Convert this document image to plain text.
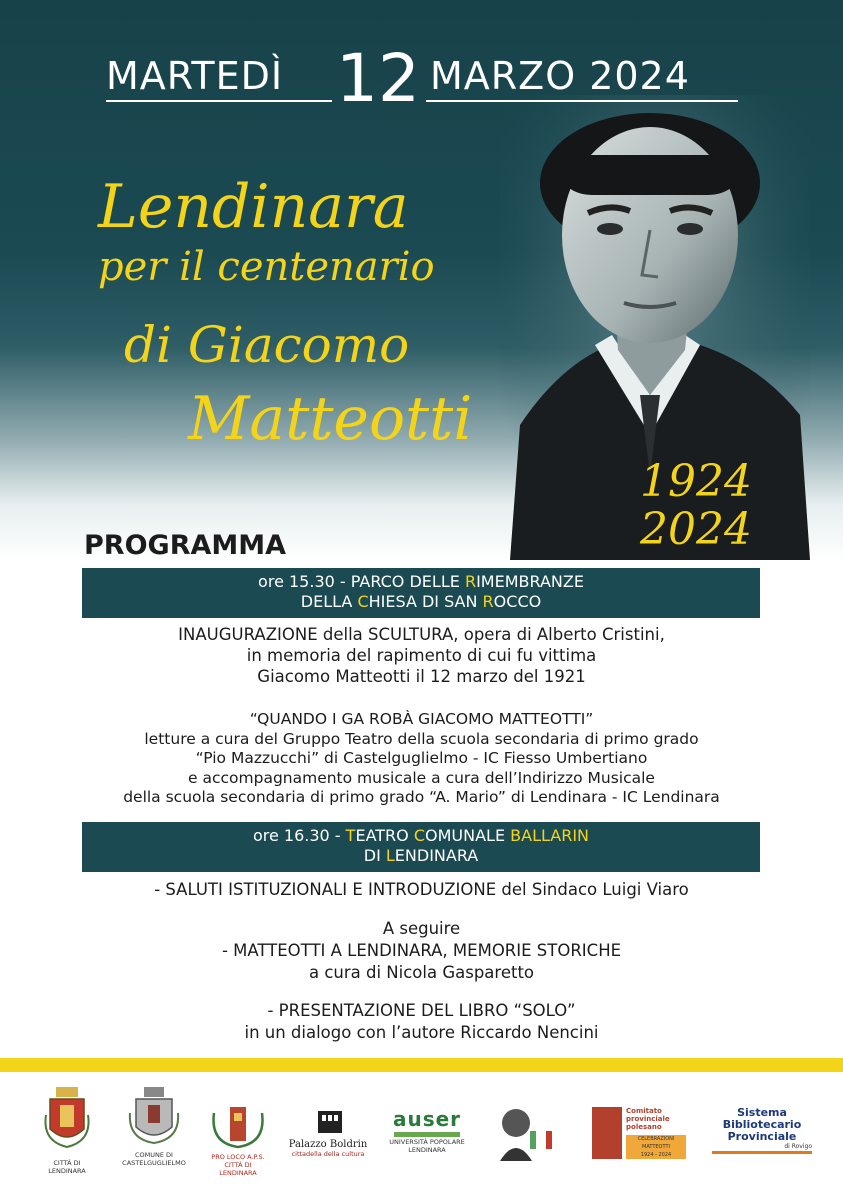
MARTEDÌ 12 MARZO 2024
Lendinara
per il centenario
di Giacomo
Matteotti
1924
2024
PROGRAMMA
ore 15.30 - PARCO DELLE RIMEMBRANZE
DELLA CHIESA DI SAN ROCCO
INAUGURAZIONE della SCULTURA, opera di Alberto Cristini,
in memoria del rapimento di cui fu vittima
Giacomo Matteotti il 12 marzo del 1921
“QUANDO I GA ROBÀ GIACOMO MATTEOTTI”
letture a cura del Gruppo Teatro della scuola secondaria di primo grado
“Pio Mazzucchi” di Castelguglielmo - IC Fiesso Umbertiano
e accompagnamento musicale a cura dell’Indirizzo Musicale
della scuola secondaria di primo grado “A. Mario” di Lendinara - IC Lendinara
ore 16.30 - TEATRO COMUNALE BALLARIN
DI LENDINARA
- SALUTI ISTITUZIONALI E INTRODUZIONE del Sindaco Luigi Viaro
A seguire
- MATTEOTTI A LENDINARA, MEMORIE STORICHE
a cura di Nicola Gasparetto
- PRESENTAZIONE DEL LIBRO “SOLO”
in un dialogo con l’autore Riccardo Nencini
CITTÀ DI LENDINARA
COMUNE DI
CASTELGUGLIELMO
PRO LOCO A.P.S.
CITTÀ DI LENDINARA
Palazzo Boldrin
cittadella della cultura
auser
UNIVERSITÀ POPOLARE
LENDINARA
Comitato
provinciale
polesano
CELEBRAZIONI MATTEOTTI
1924 - 2024
Sistema
Bibliotecario
Provinciale
di Rovigo
